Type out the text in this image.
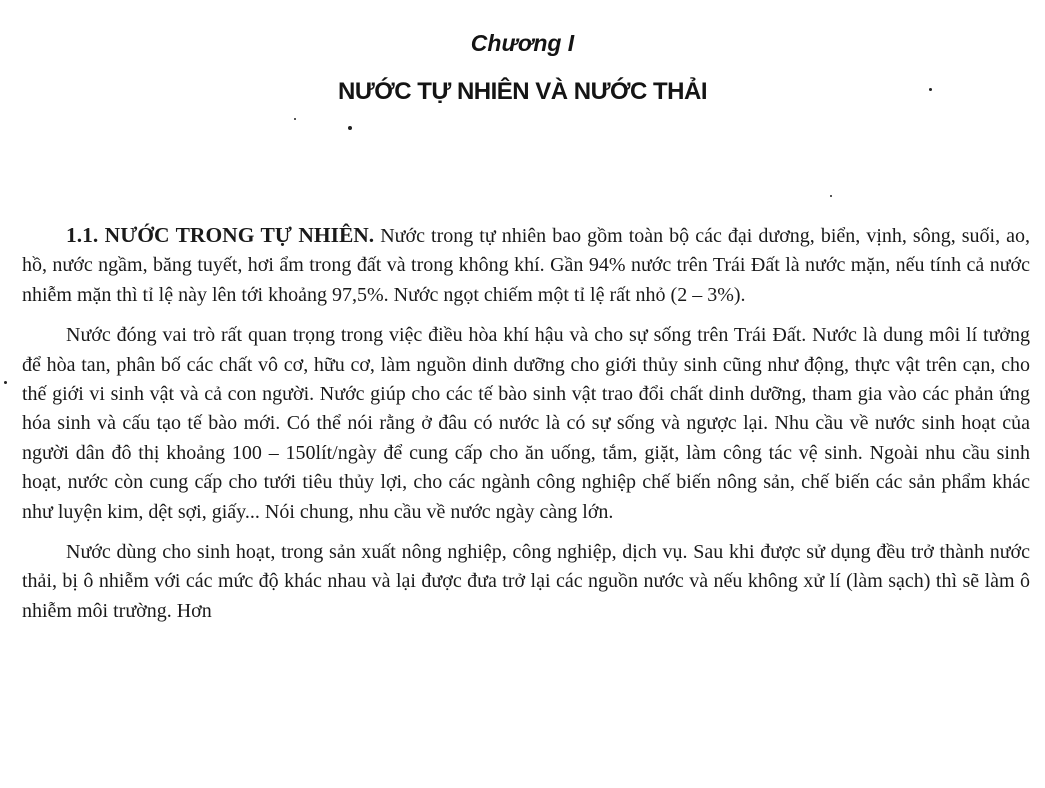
Chương I
NƯỚC TỰ NHIÊN VÀ NƯỚC THẢI

1.1. NƯỚC TRONG TỰ NHIÊN. Nước trong tự nhiên bao gồm toàn bộ các đại dương, biển, vịnh, sông, suối, ao, hồ, nước ngầm, băng tuyết, hơi ẩm trong đất và trong không khí. Gần 94% nước trên Trái Đất là nước mặn, nếu tính cả nước nhiễm mặn thì tỉ lệ này lên tới khoảng 97,5%. Nước ngọt chiếm một tỉ lệ rất nhỏ (2 – 3%).

Nước đóng vai trò rất quan trọng trong việc điều hòa khí hậu và cho sự sống trên Trái Đất. Nước là dung môi lí tưởng để hòa tan, phân bố các chất vô cơ, hữu cơ, làm nguồn dinh dưỡng cho giới thủy sinh cũng như động, thực vật trên cạn, cho thế giới vi sinh vật và cả con người. Nước giúp cho các tế bào sinh vật trao đổi chất dinh dưỡng, tham gia vào các phản ứng hóa sinh và cấu tạo tế bào mới. Có thể nói rằng ở đâu có nước là có sự sống và ngược lại. Nhu cầu về nước sinh hoạt của người dân đô thị khoảng 100 – 150lít/ngày để cung cấp cho ăn uống, tắm, giặt, làm công tác vệ sinh. Ngoài nhu cầu sinh hoạt, nước còn cung cấp cho tưới tiêu thủy lợi, cho các ngành công nghiệp chế biến nông sản, chế biến các sản phẩm khác như luyện kim, dệt sợi, giấy... Nói chung, nhu cầu về nước ngày càng lớn.

Nước dùng cho sinh hoạt, trong sản xuất nông nghiệp, công nghiệp, dịch vụ. Sau khi được sử dụng đều trở thành nước thải, bị ô nhiễm với các mức độ khác nhau và lại được đưa trở lại các nguồn nước và nếu không xử lí (làm sạch) thì sẽ làm ô nhiễm môi trường. Hơn
